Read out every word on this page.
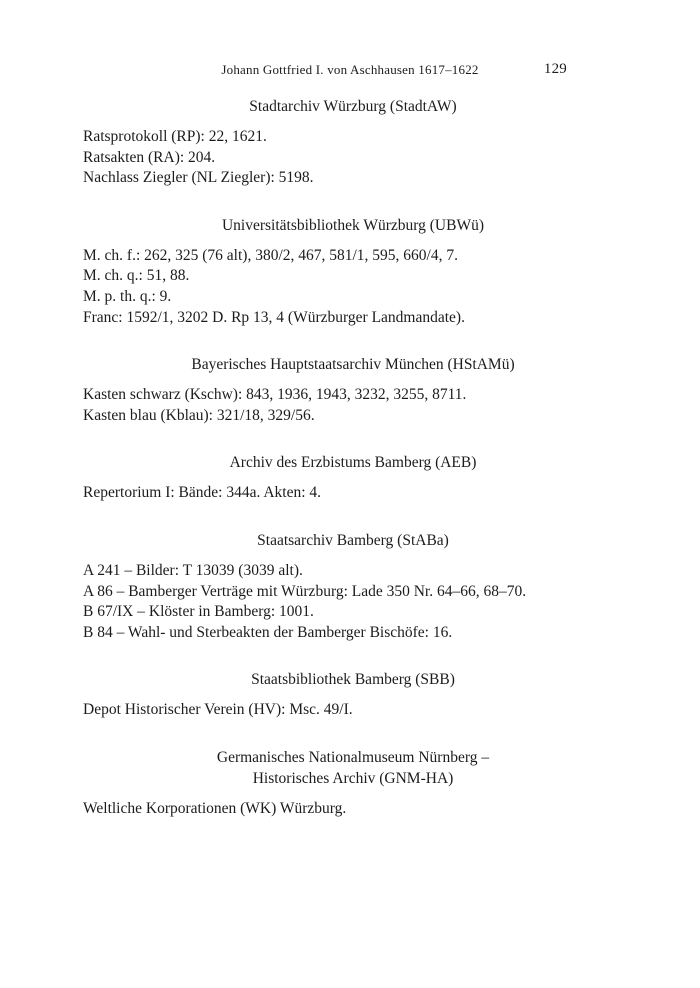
Johann Gottfried I. von Aschhausen 1617–1622	129
Stadtarchiv Würzburg (StadtAW)

Ratsprotokoll (RP): 22, 1621.

Ratsakten (RA): 204.

Nachlass Ziegler (NL Ziegler): 5198.

Universitätsbibliothek Würzburg (UBWü)

M. ch. f.: 262, 325 (76 alt), 380/2, 467, 581/1, 595, 660/4, 7.

M. ch. q.: 51, 88.

M. p. th. q.: 9.

Franc: 1592/1, 3202 D. Rp 13, 4 (Würzburger Landmandate).

Bayerisches Hauptstaatsarchiv München (HStAMü)

Kasten schwarz (Kschw): 843, 1936, 1943, 3232, 3255, 8711.

Kasten blau (Kblau): 321/18, 329/56.

Archiv des Erzbistums Bamberg (AEB)

Repertorium I: Bände: 344a. Akten: 4.

Staatsarchiv Bamberg (StABa)

A 241 – Bilder: T 13039 (3039 alt).

A 86 – Bamberger Verträge mit Würzburg: Lade 350 Nr. 64–66, 68–70.

B 67/IX – Klöster in Bamberg: 1001.

B 84 – Wahl- und Sterbeakten der Bamberger Bischöfe: 16.

Staatsbibliothek Bamberg (SBB)

Depot Historischer Verein (HV): Msc. 49/I.

Germanisches Nationalmuseum Nürnberg –
Historisches Archiv (GNM-HA)

Weltliche Korporationen (WK) Würzburg.
